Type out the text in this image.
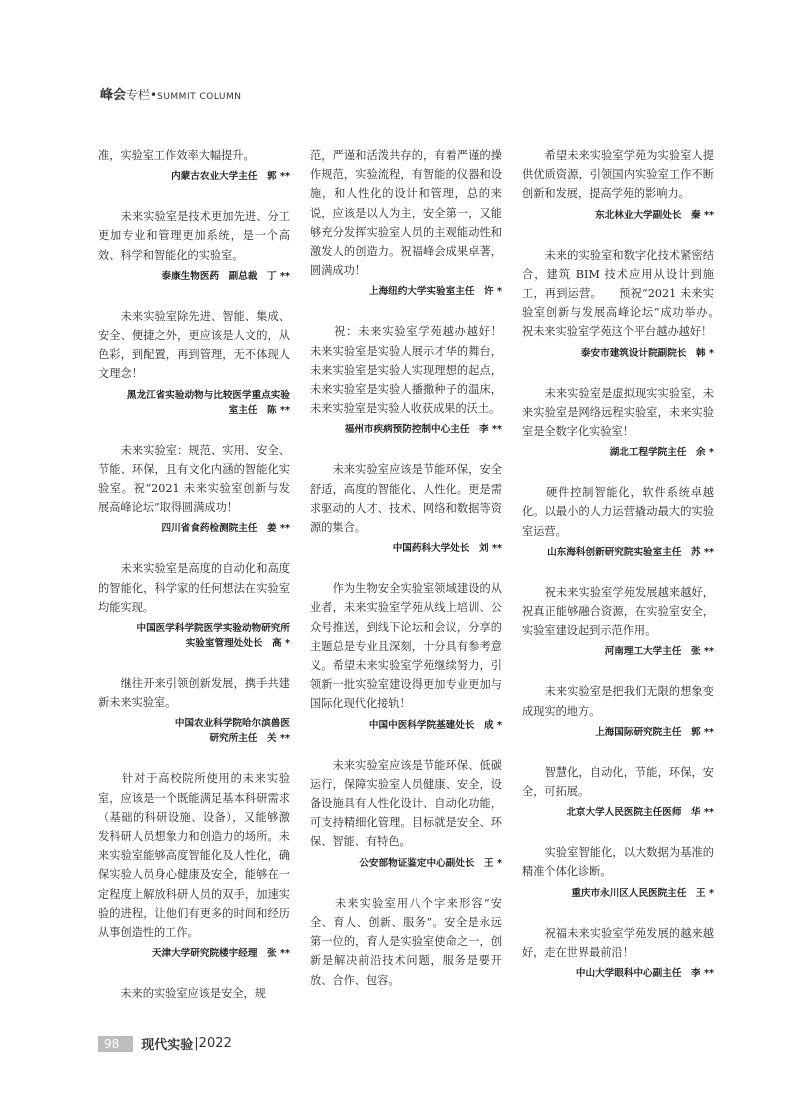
峰会专栏•SUMMIT COLUMN

准，实验室工作效率大幅提升。

内蒙古农业大学主任　郭 **

　　未来实验室是技术更加先进、分工更加专业和管理更加系统，是一个高效、科学和智能化的实验室。

泰康生物医药　副总裁　丁 **

　　未来实验室除先进、智能、集成、安全、便捷之外，更应该是人文的，从色彩，到配置，再到管理，无不体现人文理念！

黑龙江省实验动物与比较医学重点实验
室主任　陈 **

　　未来实验室：规范、实用、安全、节能、环保，且有文化内涵的智能化实验室。祝“2021 未来实验室创新与发展高峰论坛”取得圆满成功！

四川省食药检测院主任　姜 **

　　未来实验室是高度的自动化和高度的智能化，科学家的任何想法在实验室均能实现。

中国医学科学院医学实验动物研究所
实验室管理处处长　高 *

　　继往开来引领创新发展，携手共建新未来实验室。

中国农业科学院哈尔滨兽医
研究所主任　关 **

　　针对于高校院所使用的未来实验室，应该是一个既能满足基本科研需求（基础的科研设施、设备），又能够激发科研人员想象力和创造力的场所。未来实验室能够高度智能化及人性化，确保实验人员身心健康及安全，能够在一定程度上解放科研人员的双手，加速实验的进程，让他们有更多的时间和经历从事创造性的工作。

天津大学研究院楼宇经理　张 **

　　未来的实验室应该是安全，规

范，严谨和活泼共存的，有着严谨的操作规范，实验流程，有智能的仪器和设施，和人性化的设计和管理，总的来说，应该是以人为主，安全第一，又能够充分发挥实验室人员的主观能动性和激发人的创造力。祝福峰会成果卓著，圆满成功！

上海纽约大学实验室主任　许 *

　　祝：未来实验室学苑越办越好！　　未来实验室是实验人展示才华的舞台，未来实验室是实验人实现理想的起点，未来实验室是实验人播撒种子的温床，未来实验室是实验人收获成果的沃土。

福州市疾病预防控制中心主任　李 **

　　未来实验室应该是节能环保，安全舒适，高度的智能化、人性化。更是需求驱动的人才、技术、网络和数据等资源的集合。

中国药科大学处长　刘 **

　　作为生物安全实验室领域建设的从业者，未来实验室学苑从线上培训、公众号推送，到线下论坛和会议，分享的主题总是专业且深刻，十分具有参考意义。希望未来实验室学苑继续努力，引领新一批实验室建设得更加专业更加与国际化现代化接轨！

中国中医科学院基建处长　成 *

　　未来实验室应该是节能环保、低碳运行，保障实验室人员健康、安全，设备设施具有人性化设计、自动化功能，可支持精细化管理。目标就是安全、环保、智能、有特色。

公安部物证鉴定中心副处长　王 *

　　未来实验室用八个字来形容“安全、育人、创新、服务”。安全是永远第一位的，育人是实验室使命之一，创新是解决前沿技术问题，服务是要开放、合作、包容。

　　希望未来实验室学苑为实验室人提供优质资源，引领国内实验室工作不断创新和发展，提高学苑的影响力。

东北林业大学副处长　秦 **

　　未来的实验室和数字化技术紧密结合，建筑 BIM 技术应用从设计到施工，再到运营。　　预祝“2021 未来实验室创新与发展高峰论坛”成功举办。　　祝未来实验室学苑这个平台越办越好！

泰安市建筑设计院副院长　韩 *

　　未来实验室是虚拟现实实验室，未来实验室是网络远程实验室，未来实验室是全数字化实验室！

湖北工程学院主任　余 *

　　硬件控制智能化，软件系统卓越化。以最小的人力运营撬动最大的实验室运营。

山东海科创新研究院实验室主任　苏 **

　　祝未来实验室学苑发展越来越好，祝真正能够融合资源，在实验室安全，实验室建设起到示范作用。

河南理工大学主任　张 **

　　未来实验室是把我们无限的想象变成现实的地方。

上海国际研究院主任　郭 **

　　智慧化，自动化，节能，环保，安全，可拓展。

北京大学人民医院主任医师　华 **

　　实验室智能化，以大数据为基准的精准个体化诊断。

重庆市永川区人民医院主任　王 *

　　祝福未来实验室学苑发展的越来越好，走在世界最前沿！

中山大学眼科中心副主任　李 **
98	现代实验 |2022
